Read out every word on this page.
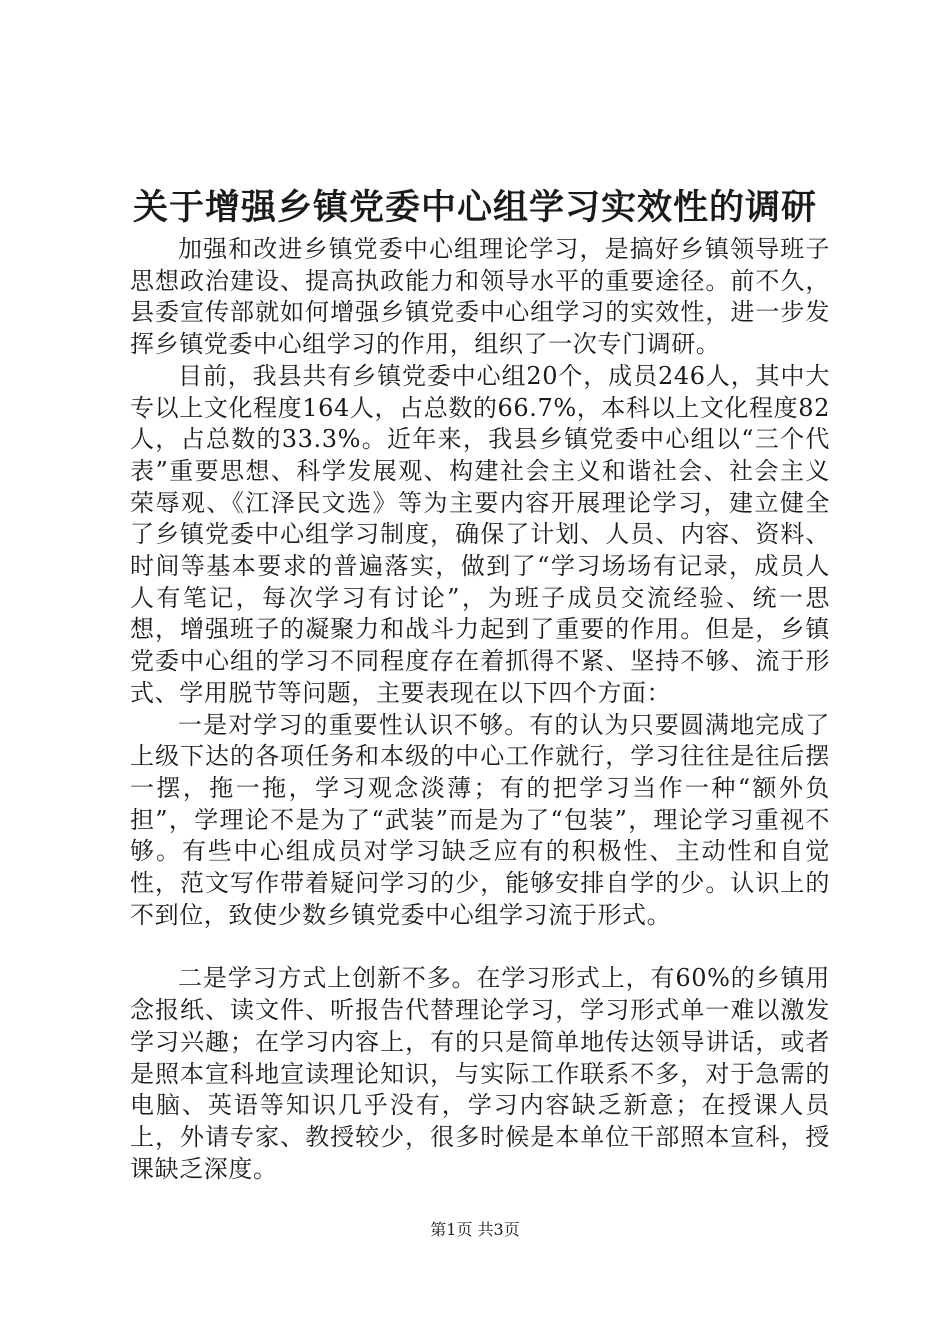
关于增强乡镇党委中心组学习实效性的调研

加强和改进乡镇党委中心组理论学习，是搞好乡镇领导班子思想政治建设、提高执政能力和领导水平的重要途径。前不久，县委宣传部就如何增强乡镇党委中心组学习的实效性，进一步发挥乡镇党委中心组学习的作用，组织了一次专门调研。

目前，我县共有乡镇党委中心组20个，成员246人，其中大专以上文化程度164人，占总数的66.7%，本科以上文化程度82人，占总数的33.3%。近年来，我县乡镇党委中心组以“三个代表”重要思想、科学发展观、构建社会主义和谐社会、社会主义荣辱观、《江泽民文选》等为主要内容开展理论学习，建立健全了乡镇党委中心组学习制度，确保了计划、人员、内容、资料、时间等基本要求的普遍落实，做到了“学习场场有记录，成员人人有笔记，每次学习有讨论”，为班子成员交流经验、统一思想，增强班子的凝聚力和战斗力起到了重要的作用。但是，乡镇党委中心组的学习不同程度存在着抓得不紧、坚持不够、流于形式、学用脱节等问题，主要表现在以下四个方面：

一是对学习的重要性认识不够。有的认为只要圆满地完成了上级下达的各项任务和本级的中心工作就行，学习往往是往后摆一摆，拖一拖，学习观念淡薄；有的把学习当作一种“额外负担”，学理论不是为了“武装”而是为了“包装”，理论学习重视不够。有些中心组成员对学习缺乏应有的积极性、主动性和自觉性，范文写作带着疑问学习的少，能够安排自学的少。认识上的不到位，致使少数乡镇党委中心组学习流于形式。

二是学习方式上创新不多。在学习形式上，有60%的乡镇用念报纸、读文件、听报告代替理论学习，学习形式单一难以激发学习兴趣；在学习内容上，有的只是简单地传达领导讲话，或者是照本宣科地宣读理论知识，与实际工作联系不多，对于急需的电脑、英语等知识几乎没有，学习内容缺乏新意；在授课人员上，外请专家、教授较少，很多时候是本单位干部照本宣科，授课缺乏深度。

第1页 共3页
